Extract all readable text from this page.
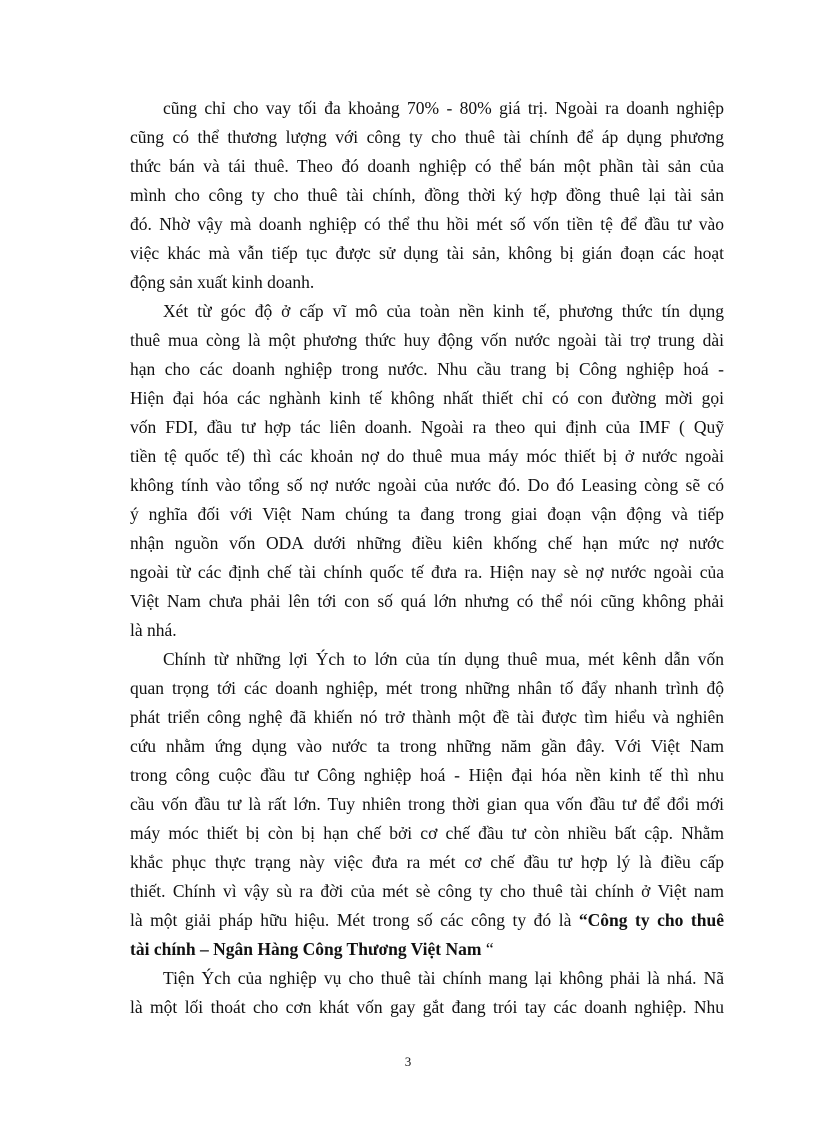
cũng chỉ cho vay tối đa khoảng 70% - 80% giá trị. Ngoài ra doanh nghiệp
cũng có thể thương lượng với công ty cho thuê tài chính để áp dụng phương
thức bán và tái thuê. Theo đó doanh nghiệp có thể bán một phần tài sản của
mình cho công ty cho thuê tài chính, đồng thời ký hợp đồng thuê lại tài sản
đó. Nhờ vậy mà doanh nghiệp có thể thu hồi mét số vốn tiền tệ để đầu tư vào
việc khác mà vẫn tiếp tục được sử dụng tài sản, không bị gián đoạn các hoạt
động sản xuất kinh doanh.
Xét từ góc độ ở cấp vĩ mô của toàn nền kinh tế, phương thức tín dụng
thuê mua còng là một phương thức huy động vốn nước ngoài tài trợ trung dài
hạn cho các doanh nghiệp trong nước. Nhu cầu trang bị Công nghiệp hoá -
Hiện đại hóa các nghành kinh tế không nhất thiết chỉ có con đường mời gọi
vốn FDI, đầu tư hợp tác liên doanh. Ngoài ra theo qui định của IMF ( Quỹ
tiền tệ quốc tế) thì các khoản nợ do thuê mua máy móc thiết bị ở nước ngoài
không tính vào tổng số nợ nước ngoài của nước đó. Do đó Leasing còng sẽ có
ý nghĩa đối với Việt Nam chúng ta đang trong giai đoạn vận động và tiếp
nhận nguồn vốn ODA dưới những điều kiên khống chế hạn mức nợ nước
ngoài từ các định chế tài chính quốc tế đưa ra. Hiện nay sè nợ nước ngoài của
Việt Nam chưa phải lên tới con số quá lớn nhưng có thể nói cũng không phải
là nhá.
Chính từ những lợi Ých to lớn của tín dụng thuê mua, mét kênh dẫn vốn
quan trọng tới các doanh nghiệp, mét trong những nhân tố đẩy nhanh trình độ
phát triển công nghệ đã khiến nó trở thành một đề tài được tìm hiểu và nghiên
cứu nhằm ứng dụng vào nước ta trong những năm gần đây. Với Việt Nam
trong công cuộc đầu tư Công nghiệp hoá - Hiện đại hóa nền kinh tế thì nhu
cầu vốn đầu tư là rất lớn. Tuy nhiên trong thời gian qua vốn đầu tư để đổi mới
máy móc thiết bị còn bị hạn chế bởi cơ chế đầu tư còn nhiều bất cập. Nhằm
khắc phục thực trạng này việc đưa ra mét cơ chế đầu tư hợp lý là điều cấp
thiết. Chính vì vậy sù ra đời của mét sè công ty cho thuê tài chính ở Việt nam
là một giải pháp hữu hiệu. Mét trong số các công ty đó là “Công ty cho thuê
tài chính – Ngân Hàng Công Thương Việt Nam “
Tiện Ých của nghiệp vụ cho thuê tài chính mang lại không phải là nhá. Nã
là một lối thoát cho cơn khát vốn gay gắt đang trói tay các doanh nghiệp. Nhu
3
